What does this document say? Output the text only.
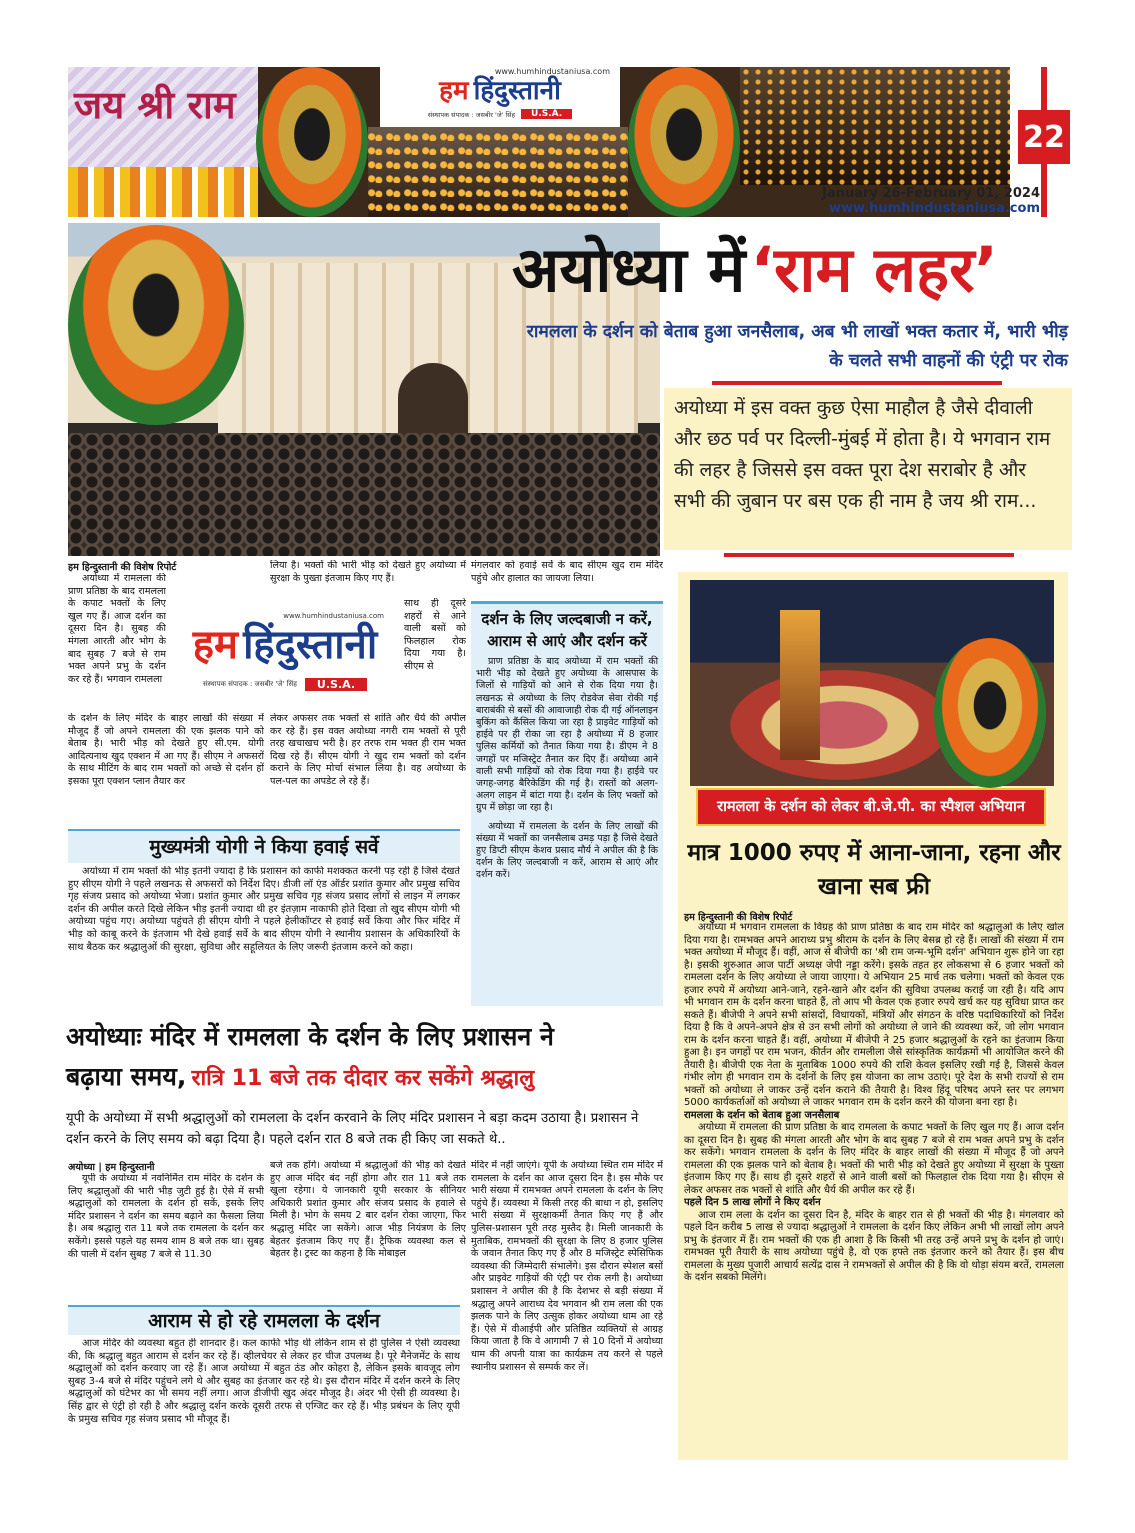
जय श्री राम
www.humhindustaniusa.com
हम हिंदुस्तानी
संस्थापक संपादक : जसबीर 'जे' सिंह	U.S.A.
22
January 26-February 01, 2024
www.humhindustaniusa.com
अयोध्या में ‘राम लहर’
रामलला के दर्शन को बेताब हुआ जनसैलाब, अब भी लाखों भक्त कतार में, भारी भीड़ के चलते सभी वाहनों की एंट्री पर रोक
अयोध्या में इस वक्त कुछ ऐसा माहौल है जैसे दीवाली और छठ पर्व पर दिल्ली-मुंबई में होता है। ये भगवान राम की लहर है जिससे इस वक्त पूरा देश सराबोर है और सभी की जुबान पर बस एक ही नाम है जय श्री राम...
हम हिन्दुस्तानी की विशेष रिपोर्ट
अयोध्या में रामलला की प्राण प्रतिष्ठा के बाद रामलला के कपाट भक्तों के लिए खुल गए हैं। आज दर्शन का दूसरा दिन है। सुबह की मंगला आरती और भोग के बाद सुबह 7 बजे से राम भक्त अपने प्रभु के दर्शन कर रहे हैं। भगवान रामलला
के दर्शन के लिए मंदिर के बाहर लाखों की संख्या में मौजूद हैं जो अपने रामलला की एक झलक पाने को बेताब है। भारी भीड़ को देखते हुए सी.एम. योगी आदित्यनाथ खुद एक्शन में आ गए हैं। सीएम ने अफसरों के साथ मीटिंग के बाद राम भक्तों को अच्छे से दर्शन हों इसका पूरा एक्शन प्लान तैयार कर
लिया है। भक्तों की भारी भीड़ को देखते हुए अयोध्या में सुरक्षा के पुख्ता इंतजाम किए गए हैं।
साथ ही दूसरे शहरों से आने वाली बसों को फिलहाल रोक दिया गया है। सीएम से
www.humhindustaniusa.com
हम हिंदुस्तानी
संस्थापक संपादक : जसबीर 'जे' सिंह	U.S.A.
लेकर अफसर तक भक्तों से शांति और धैर्य की अपील कर रहे हैं। इस वक्त अयोध्या नगरी राम भक्तों से पूरी तरह खचाखच भरी है। हर तरफ राम भक्त ही राम भक्त दिख रहे हैं। सीएम योगी ने खुद राम भक्तों को दर्शन कराने के लिए मोर्चा संभाल लिया है। वह अयोध्या के पल-पल का अपडेट ले रहे हैं।
मंगलवार को हवाई सर्वे के बाद सीएम खुद राम मंदिर पहुंचे और हालात का जायजा लिया।
दर्शन के लिए जल्दबाजी न करें, आराम से आएं और दर्शन करें
प्राण प्रतिष्ठा के बाद अयोध्या में राम भक्तों की भारी भीड़ को देखते हुए अयोध्या के आसपास के जिलों से गाड़ियों को आने से रोक दिया गया है। लखनऊ से अयोध्या के लिए रोडवेज सेवा रोकी गई बाराबंकी से बसों की आवाजाही रोक दी गई ऑनलाइन बुकिंग को कैंसिल किया जा रहा है प्राइवेट गाड़ियों को हाईवे पर ही रोका जा रहा है अयोध्या में 8 हजार पुलिस कर्मियों को तैनात किया गया है। डीएम ने 8 जगहों पर मजिस्ट्रेट तैनात कर दिए हैं। अयोध्या आने वाली सभी गाड़ियों को रोक दिया गया है। हाईवे पर जगह-जगह बैरिकेडिंग की गई है। रास्तों को अलग-अलग लाइन में बांटा गया है। दर्शन के लिए भक्तों को ग्रुप में छोड़ा जा रहा है।
अयोध्या में रामलला के दर्शन के लिए लाखों की संख्या में भक्तों का जनसैलाब उमड़ पड़ा है जिसे देखते हुए डिप्टी सीएम केशव प्रसाद मौर्य ने अपील की है कि दर्शन के लिए जल्दबाजी न करें, आराम से आएं और दर्शन करें।
मुख्यमंत्री योगी ने किया हवाई सर्वे
अयोध्या में राम भक्तों की भीड़ इतनी ज्यादा है कि प्रशासन को काफी मशक्कत करनी पड़ रही है जिसे देखते हुए सीएम योगी ने पहले लखनऊ से अफसरों को निर्देश दिए। डीजी लॉ एंड ऑर्डर प्रशांत कुमार और प्रमुख सचिव गृह संजय प्रसाद को अयोध्या भेजा। प्रशांत कुमार और प्रमुख सचिव गृह संजय प्रसाद लोगों से लाइन में लगकर दर्शन की अपील करते दिखे लेकिन भीड़ इतनी ज्यादा थी हर इंतज़ाम नाकाफी होते दिखा तो खुद सीएम योगी भी अयोध्या पहुंच गए। अयोध्या पहुंचते ही सीएम योगी ने पहले हेलीकॉप्टर से हवाई सर्वे किया और फिर मंदिर में भीड़ को काबू करने के इंतजाम भी देखे हवाई सर्वे के बाद सीएम योगी ने स्थानीय प्रशासन के अधिकारियों के साथ बैठक कर श्रद्धालुओं की सुरक्षा, सुविधा और सहूलियत के लिए जरूरी इंतजाम करने को कहा।
अयोध्याः मंदिर में रामलला के दर्शन के लिए प्रशासन ने
बढ़ाया समय, रात्रि 11 बजे तक दीदार कर सकेंगे श्रद्धालु
यूपी के अयोध्या में सभी श्रद्धालुओं को रामलला के दर्शन करवाने के लिए मंदिर प्रशासन ने बड़ा कदम उठाया है। प्रशासन ने दर्शन करने के लिए समय को बढ़ा दिया है। पहले दर्शन रात 8 बजे तक ही किए जा सकते थे..
अयोध्या | हम हिन्दुस्तानी
यूपी के अयोध्या में नवनिर्मित राम मंदिर के दर्शन के लिए श्रद्धालुओं की भारी भीड़ जुटी हुई है। ऐसे में सभी श्रद्धालुओं को रामलला के दर्शन हो सकें, इसके लिए मंदिर प्रशासन ने दर्शन का समय बढ़ाने का फैसला लिया है। अब श्रद्धालु रात 11 बजे तक रामलला के दर्शन कर सकेंगे। इससे पहले यह समय शाम 8 बजे तक था। सुबह की पाली में दर्शन सुबह 7 बजे से 11.30
बजे तक होंगे। अयोध्या में श्रद्धालुओं की भीड़ को देखते हुए आज मंदिर बंद नहीं होगा और रात 11 बजे तक खुला रहेगा। ये जानकारी यूपी सरकार के सीनियर अधिकारी प्रशांत कुमार और संजय प्रसाद के हवाले से मिली है। भोग के समय 2 बार दर्शन रोका जाएगा, फिर श्रद्धालु मंदिर जा सकेंगे। आज भीड़ नियंत्रण के लिए बेहतर इंतजाम किए गए हैं। ट्रैफिक व्यवस्था कल से बेहतर है। ट्रस्ट का कहना है कि मोबाइल
मंदिर में नहीं जाएंगे। यूपी के अयोध्या स्थित राम मंदिर में रामलला के दर्शन का आज दूसरा दिन है। इस मौके पर भारी संख्या में रामभक्त अपने रामलला के दर्शन के लिए पहुंचे हैं। व्यवस्था में किसी तरह की बाधा न हो, इसलिए भारी संख्या में सुरक्षाकर्मी तैनात किए गए हैं और पुलिस-प्रशासन पूरी तरह मुस्तैद है। मिली जानकारी के मुताबिक, रामभक्तों की सुरक्षा के लिए 8 हजार पुलिस के जवान तैनात किए गए हैं और 8 मजिस्ट्रेट स्पेसिफिक व्यवस्था की जिम्मेदारी संभालेंगे। इस दौरान स्पेशल बसों और प्राइवेट गाड़ियों की एंट्री पर रोक लगी है। अयोध्या प्रशासन ने अपील की है कि देशभर से बड़ी संख्या में श्रद्धालु अपने आराध्य देव भगवान श्री राम लला की एक झलक पाने के लिए उत्सुक होकर अयोध्या धाम आ रहे हैं। ऐसे में वीआईपी और प्रतिष्ठित व्यक्तियों से आग्रह किया जाता है कि वे आगामी 7 से 10 दिनों में अयोध्या धाम की अपनी यात्रा का कार्यक्रम तय करने से पहले स्थानीय प्रशासन से सम्पर्क कर लें।
आराम से हो रहे रामलला के दर्शन
आज मंदिर की व्यवस्था बहुत ही शानदार है। कल काफी भीड़ थी लेकिन शाम से ही पुलिस ने ऐसी व्यवस्था की, कि श्रद्धालु बहुत आराम से दर्शन कर रहे हैं। व्हीलचेयर से लेकर हर चीज उपलब्ध है। पूरे मैनेजमेंट के साथ श्रद्धालुओं को दर्शन करवाए जा रहे हैं। आज अयोध्या में बहुत ठंड और कोहरा है, लेकिन इसके बावजूद लोग सुबह 3-4 बजे से मंदिर पहुंचने लगे थे और सुबह का इंतजार कर रहे थे। इस दौरान मंदिर में दर्शन करने के लिए श्रद्धालुओं को घंटेभर का भी समय नहीं लगा। आज डीजीपी खुद अंदर मौजूद है। अंदर भी ऐसी ही व्यवस्था है। सिंह द्वार से एंट्री हो रही है और श्रद्धालु दर्शन करके दूसरी तरफ से एग्जिट कर रहे हैं। भीड़ प्रबंधन के लिए यूपी के प्रमुख सचिव गृह संजय प्रसाद भी मौजूद हैं।
रामलला के दर्शन को लेकर बी.जे.पी. का स्पैशल अभियान
मात्र 1000 रुपए में आना-जाना, रहना और खाना सब फ्री
हम हिन्दुस्तानी की विशेष रिपोर्ट

अयोध्या में भगवान रामलला के विग्रह की प्राण प्रतिष्ठा के बाद राम मंदिर को श्रद्धालुओं के लिए खोल दिया गया है। रामभक्त अपने आराध्य प्रभु श्रीराम के दर्शन के लिए बेसब्र हो रहे हैं। लाखों की संख्या में राम भक्त अयोध्या में मौजूद हैं। वहीं, आज से बीजेपी का 'श्री राम जन्म-भूमि दर्शन' अभियान शुरू होने जा रहा है। इसकी शुरुआत आज पार्टी अध्यक्ष जेपी नड्डा करेंगे। इसके तहत हर लोकसभा से 6 हजार भक्तों को रामलला दर्शन के लिए अयोध्या ले जाया जाएगा। ये अभियान 25 मार्च तक चलेगा। भक्तों को केवल एक हजार रुपये में अयोध्या आने-जाने, रहने-खाने और दर्शन की सुविधा उपलब्ध कराई जा रही है। यदि आप भी भगवान राम के दर्शन करना चाहते हैं, तो आप भी केवल एक हजार रुपये खर्च कर यह सुविधा प्राप्त कर सकते हैं। बीजेपी ने अपने सभी सांसदों, विधायकों, मंत्रियों और संगठन के वरिष्ठ पदाधिकारियों को निर्देश दिया है कि वे अपने-अपने क्षेत्र से उन सभी लोगों को अयोध्या ले जाने की व्यवस्था करें, जो लोग भगवान राम के दर्शन करना चाहते हैं। वहीं, अयोध्या में बीजेपी ने 25 हजार श्रद्धालुओं के रहने का इंतजाम किया हुआ है। इन जगहों पर राम भजन, कीर्तन और रामलीला जैसे सांस्कृतिक कार्यक्रमों भी आयोजित करने की तैयारी है। बीजेपी एक नेता के मुताबिक 1000 रुपये की राशि केवल इसलिए रखी गई है, जिससे केवल गंभीर लोग ही भगवान राम के दर्शनों के लिए इस योजना का लाभ उठाएं। पूरे देश के सभी राज्यों से राम भक्तों को अयोध्या ले जाकर उन्हें दर्शन कराने की तैयारी है। विश्व हिंदू परिषद अपने स्तर पर लगभग 5000 कार्यकर्ताओं को अयोध्या ले जाकर भगवान राम के दर्शन करने की योजना बना रहा है।

रामलला के दर्शन को बेताब हुआ जनसैलाब

अयोध्या में रामलला की प्राण प्रतिष्ठा के बाद रामलला के कपाट भक्तों के लिए खुल गए हैं। आज दर्शन का दूसरा दिन है। सुबह की मंगला आरती और भोग के बाद सुबह 7 बजे से राम भक्त अपने प्रभु के दर्शन कर सकेंगे। भगवान रामलला के दर्शन के लिए मंदिर के बाहर लाखों की संख्या में मौजूद हैं जो अपने रामलला की एक झलक पाने को बेताब है। भक्तों की भारी भीड़ को देखते हुए अयोध्या में सुरक्षा के पुख्ता इंतजाम किए गए हैं। साथ ही दूसरे शहरों से आने वाली बसों को फिलहाल रोक दिया गया है। सीएम से लेकर अफसर तक भक्तों से शांति और धैर्य की अपील कर रहे हैं।

पहले दिन 5 लाख लोगों ने किए दर्शन

आज राम लला के दर्शन का दूसरा दिन है, मंदिर के बाहर रात से ही भक्तों की भीड़ है। मंगलवार को पहले दिन करीब 5 लाख से ज्यादा श्रद्धालुओं ने रामलला के दर्शन किए लेकिन अभी भी लाखों लोग अपने प्रभु के इंतजार में हैं। राम भक्तों की एक ही आशा है कि किसी भी तरह उन्हें अपने प्रभु के दर्शन हो जाएं। रामभक्त पूरी तैयारी के साथ अयोध्या पहुंचे है, वो एक हफ्ते तक इंतजार करने को तैयार हैं। इस बीच रामलला के मुख्य पुजारी आचार्य सत्येंद्र दास ने रामभक्तों से अपील की है कि वो थोड़ा संयम बरतें, रामलला के दर्शन सबको मिलेंगे।
